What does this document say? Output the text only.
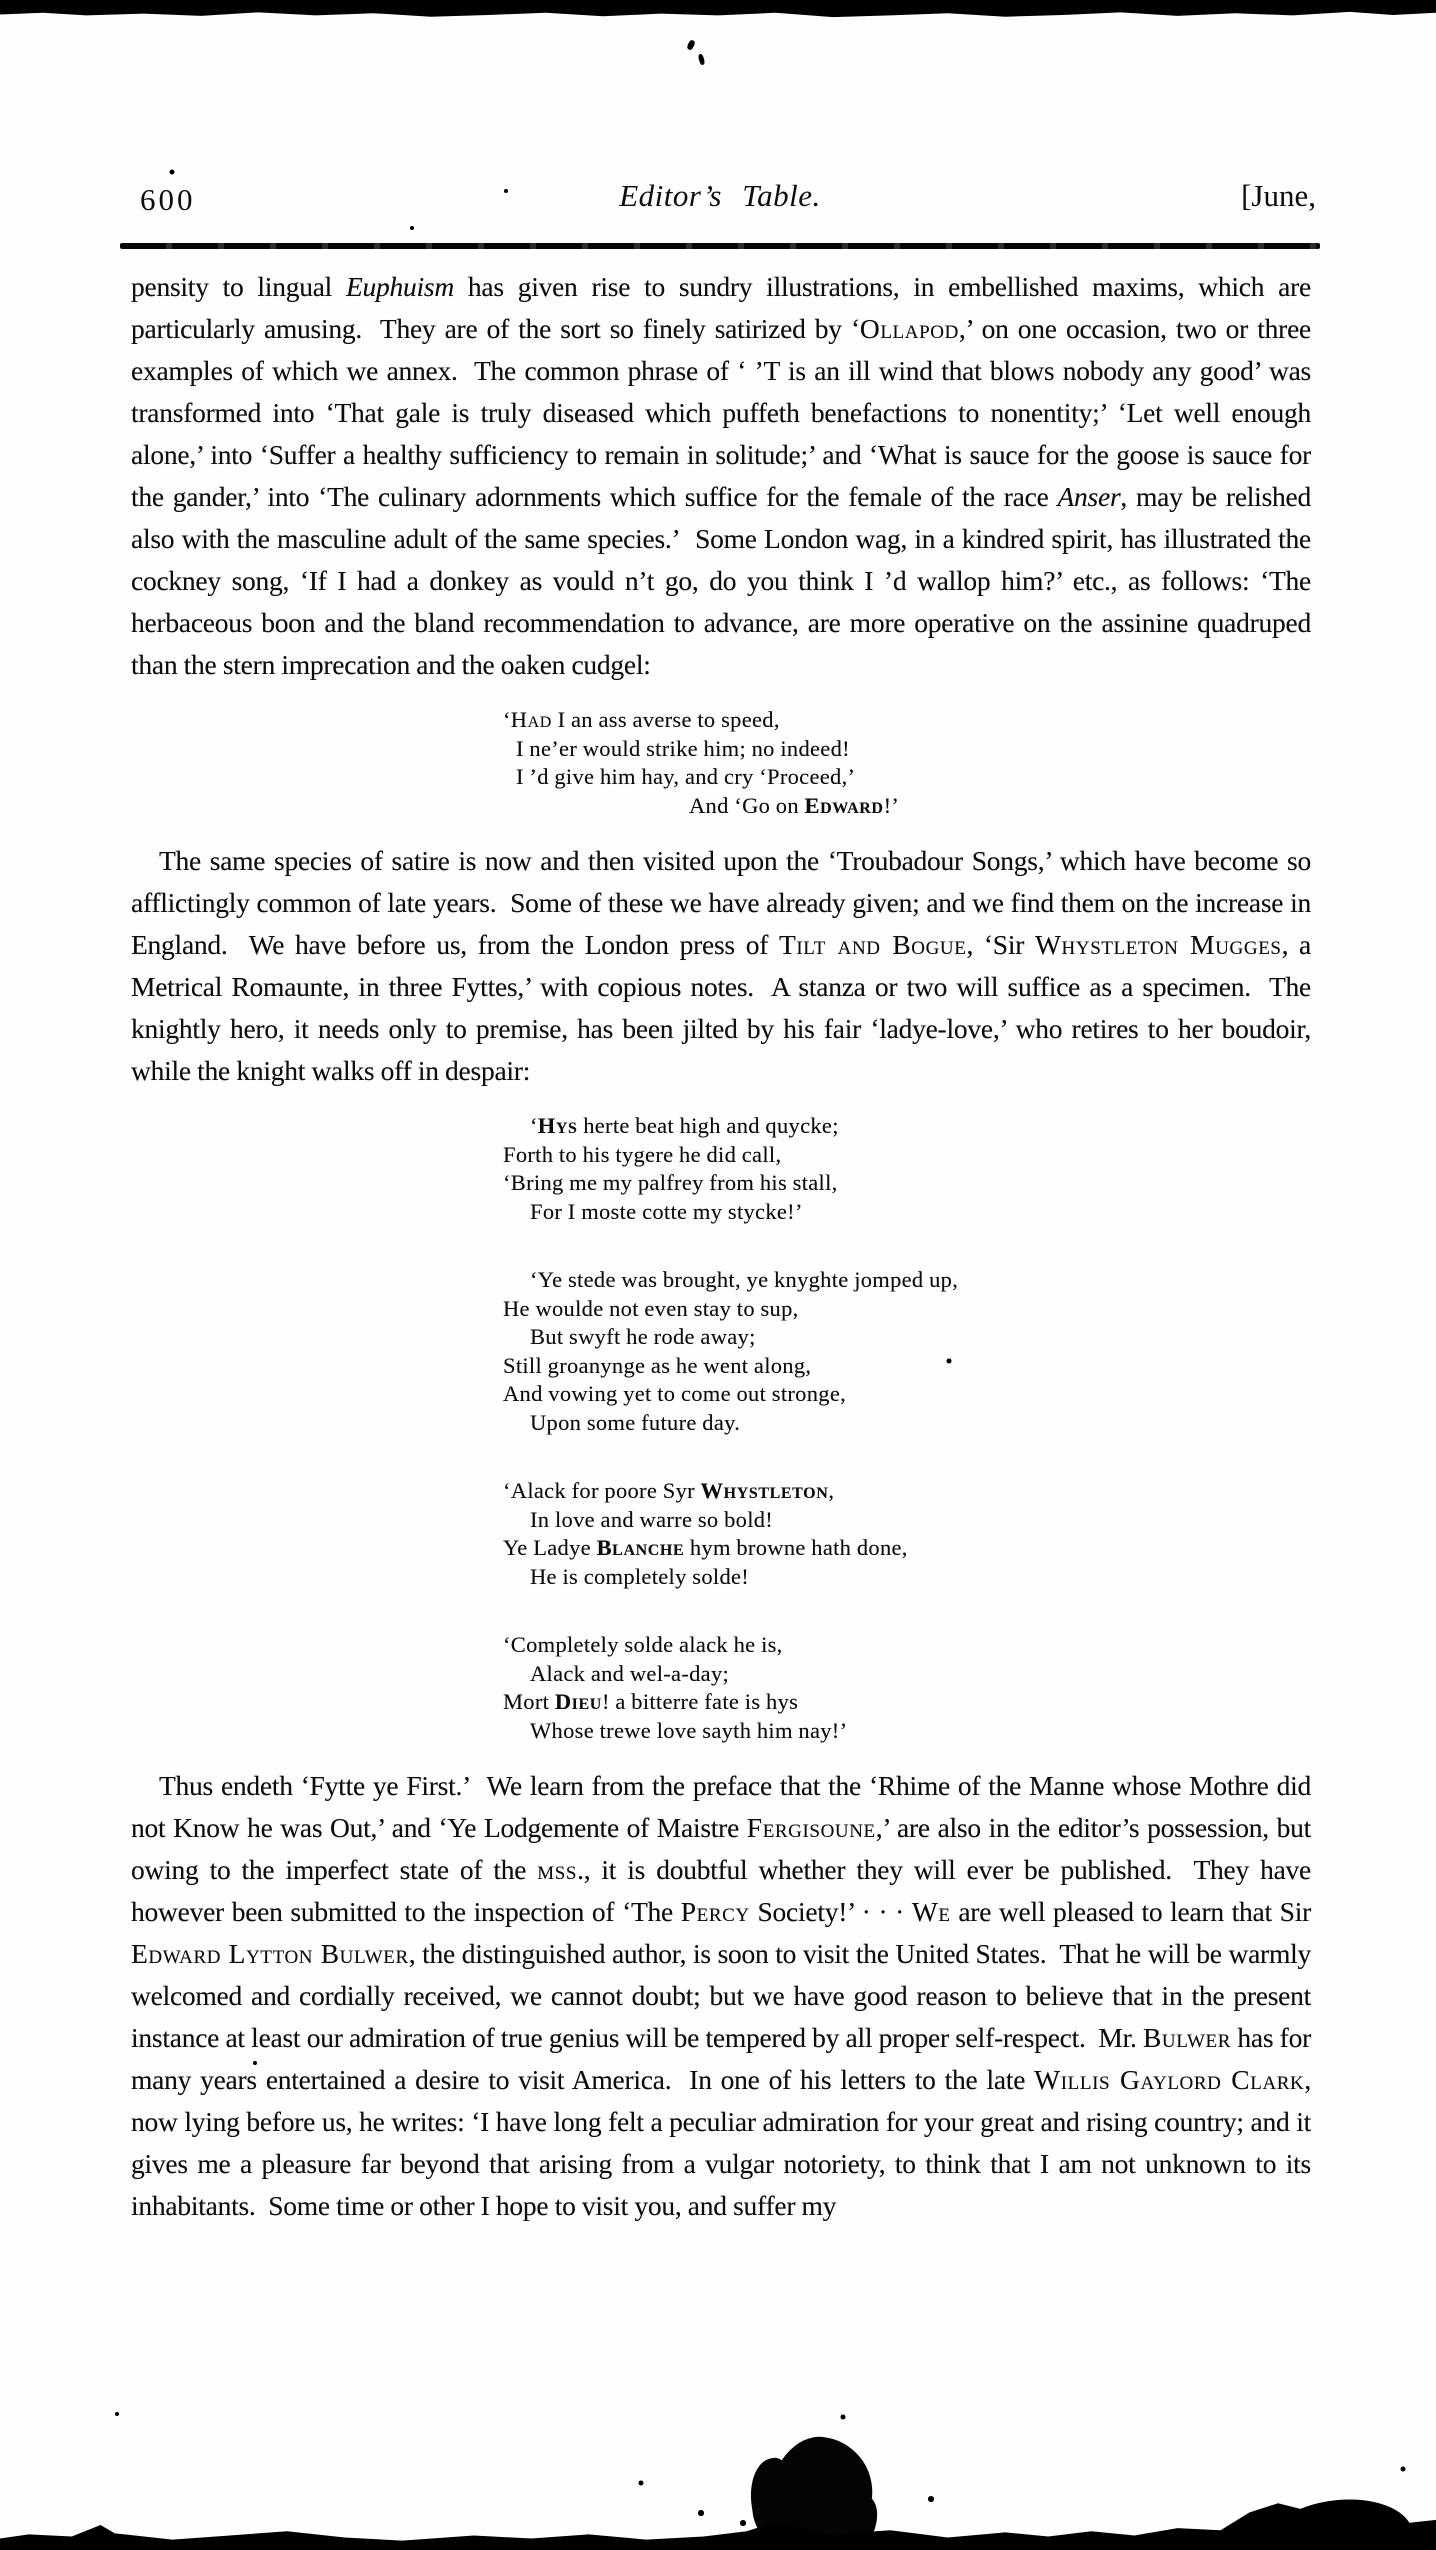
600	Editor’s Table.	[June,

pensity to lingual Euphuism has given rise to sundry illustrations, in embellished maxims, which are particularly amusing.  They are of the sort so finely satirized by ‘Ollapod,’ on one occasion, two or three examples of which we annex.  The common phrase of ‘ ’T is an ill wind that blows nobody any good’ was transformed into ‘That gale is truly diseased which puffeth benefactions to nonentity;’ ‘Let well enough alone,’ into ‘Suffer a healthy sufficiency to remain in solitude;’ and ‘What is sauce for the goose is sauce for the gander,’ into ‘The culinary adornments which suffice for the female of the race Anser, may be relished also with the masculine adult of the same species.’  Some London wag, in a kindred spirit, has illustrated the cockney song, ‘If I had a donkey as vould n’t go, do you think I ’d wallop him?’ etc., as follows: ‘The herbaceous boon and the bland recommendation to advance, are more operative on the assinine quadruped than the stern imprecation and the oaken cudgel:

‘Had I an ass averse to speed,
I ne’er would strike him; no indeed!
I ’d give him hay, and cry ‘Proceed,’
And ‘Go on Edward!’

The same species of satire is now and then visited upon the ‘Troubadour Songs,’ which have become so afflictingly common of late years.  Some of these we have already given; and we find them on the increase in England.  We have before us, from the London press of Tilt and Bogue, ‘Sir Whystleton Mugges, a Metrical Romaunte, in three Fyttes,’ with copious notes.  A stanza or two will suffice as a specimen.  The knightly hero, it needs only to premise, has been jilted by his fair ‘ladye-love,’ who retires to her boudoir, while the knight walks off in despair:

‘Hys herte beat high and quycke;
Forth to his tygere he did call,
‘Bring me my palfrey from his stall,
For I moste cotte my stycke!’
‘Ye stede was brought, ye knyghte jomped up,
He woulde not even stay to sup,
But swyft he rode away;
Still groanynge as he went along,
And vowing yet to come out stronge,
Upon some future day.
‘Alack for poore Syr Whystleton,
In love and warre so bold!
Ye Ladye Blanche hym browne hath done,
He is completely solde!
‘Completely solde alack he is,
Alack and wel-a-day;
Mort Dieu! a bitterre fate is hys
Whose trewe love sayth him nay!’

Thus endeth ‘Fytte ye First.’  We learn from the preface that the ‘Rhime of the Manne whose Mothre did not Know he was Out,’ and ‘Ye Lodgemente of Maistre Fergisoune,’ are also in the editor’s possession, but owing to the imperfect state of the mss., it is doubtful whether they will ever be published.  They have however been submitted to the inspection of ‘The Percy Society!’ · · · We are well pleased to learn that Sir Edward Lytton Bulwer, the distinguished author, is soon to visit the United States.  That he will be warmly welcomed and cordially received, we cannot doubt; but we have good reason to believe that in the present instance at least our admiration of true genius will be tempered by all proper self-respect.  Mr. Bulwer has for many years entertained a desire to visit America.  In one of his letters to the late Willis Gaylord Clark, now lying before us, he writes: ‘I have long felt a peculiar admiration for your great and rising country; and it gives me a pleasure far beyond that arising from a vulgar notoriety, to think that I am not unknown to its inhabitants.  Some time or other I hope to visit you, and suffer my
